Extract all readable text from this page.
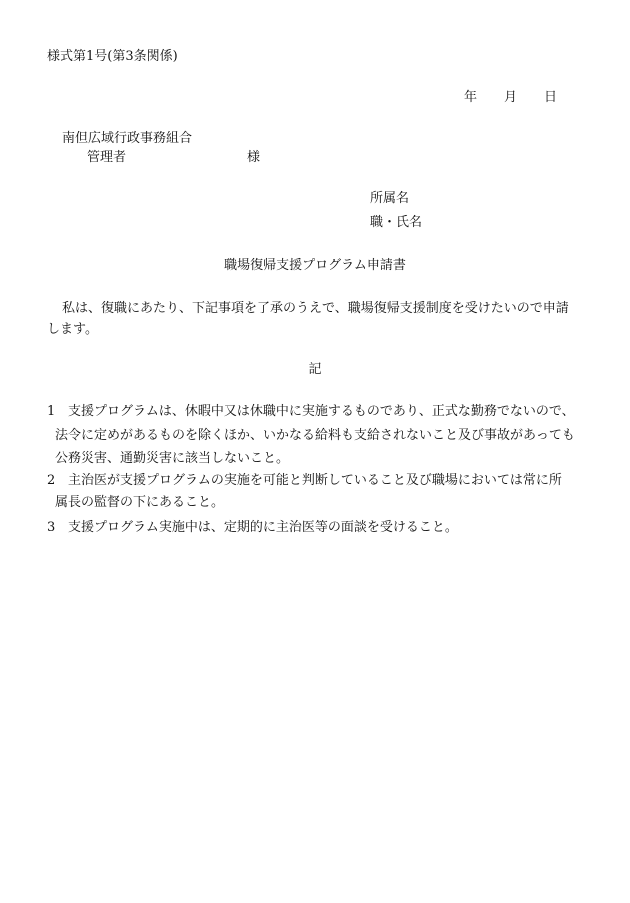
様式第1号(第3条関係)
年 月 日
南但広域行政事務組合
管理者	様
所属名
職・氏名
職場復帰支援プログラム申請書
私は、復職にあたり、下記事項を了承のうえで、職場復帰支援制度を受けたいので申請
します。
記
1 支援プログラムは、休暇中又は休職中に実施するものであり、正式な勤務でないので、
法令に定めがあるものを除くほか、いかなる給料も支給されないこと及び事故があっても
公務災害、通勤災害に該当しないこと。
2 主治医が支援プログラムの実施を可能と判断していること及び職場においては常に所
属長の監督の下にあること。
3 支援プログラム実施中は、定期的に主治医等の面談を受けること。
